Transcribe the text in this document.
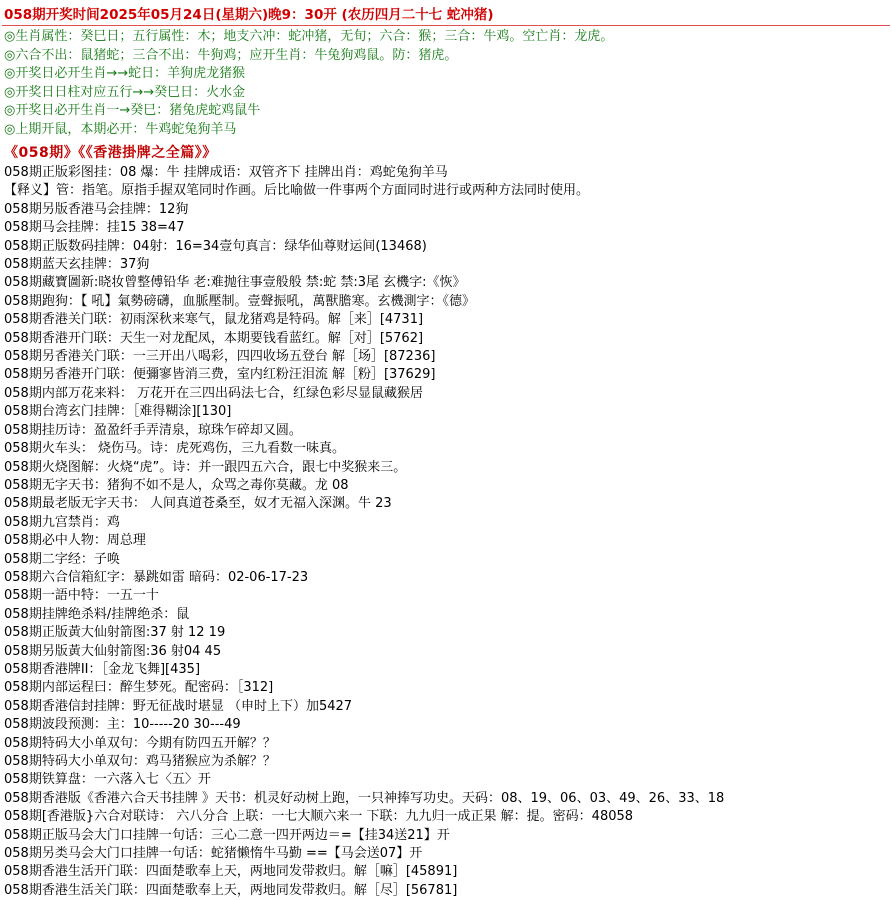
058期开奖时间2025年05月24日(星期六)晚9：30开 (农历四月二十七 蛇冲猪)
◎生肖属性：癸巳日；五行属性：木；地支六冲：蛇冲猪，无旬；六合：猴；三合：牛鸡。空亡肖：龙虎。
◎六合不出：鼠猪蛇；三合不出：牛狗鸡；应开生肖：牛兔狗鸡鼠。防：猪虎。
◎开奖日必开生肖→→蛇日：羊狗虎龙猪猴
◎开奖日日柱对应五行→→癸巳日：火水金
◎开奖日必开生肖一→癸巳：猪兔虎蛇鸡鼠牛
◎上期开鼠，本期必开：牛鸡蛇兔狗羊马
《058期》《《香港掛牌之全篇》》
058期正版彩图挂：08 爆：牛 挂牌成语：双管齐下 挂牌出肖：鸡蛇兔狗羊马
【释义】管：指笔。原指手握双笔同时作画。后比喻做一件事两个方面同时进行或两种方法同时使用。
058期另版香港马会挂牌：12狗
058期马会挂牌：挂15 38=47
058期正版数码挂牌：04射：16=34壹句真言：绿华仙尊财运间(13468)
058期蓝天玄挂牌：37狗
058期藏寶圖新:晓妆曾整傅铅华 老:难抛往事壹般般 禁:蛇 禁:3尾 玄機字:《恢》
058期跑狗：【 吼】氣勢磅礴，血脈壓制。壹聲振吼，萬獸膽寒。玄機測字：《德》
058期香港关门联：初雨深秋来寒气，鼠龙猪鸡是特码。解［来］[4731]
058期香港开门联：天生一对龙配凤，本期要钱看蓝红。解［对］[5762]
058期另香港关门联：一三开出八喝彩，四四收场五登台 解［场］[87236]
058期另香港开门联：便彌寥皆消三费，室内红粉汪泪流 解［粉］[37629]
058期内部万花来料： 万花开在三四出码法七合，红绿色彩尽显鼠藏猴居
058期台湾玄门挂牌：［难得糊涂][130]
058期挂历诗：盈盈纤手弄清泉，琼珠乍碎却又圆。
058期火车头： 烧伤马。诗：虎死鸡伤，三九看数一味真。
058期火烧图解：火烧“虎”。诗：并一跟四五六合，跟七中奖猴来三。
058期无字天书：猪狗不如不是人，众骂之毒你莫藏。龙 08
058期最老版无字天书： 人间真道苍桑至，奴才无福入深渊。牛 23
058期九宫禁肖：鸡
058期必中人物：周总理
058期二字经：子唤
058期六合信箱紅字：暴跳如雷 暗码：02-06-17-23
058期一語中特：一五一十
058期挂牌绝杀料/挂牌绝杀：鼠
058期正版黃大仙射箭图:37 射 12 19
058期另版黃大仙射箭图:36 射04 45
058期香港牌II：［金龙飞舞][435]
058期内部运程曰：醉生梦死。配密码：［312]
058期香港信封挂牌：野无征战时堪显 （申时上下）加5427
058期波段预测：主：10-----20 30---49
058期特码大小单双句：今期有防四五开解？？
058期特码大小单双句：鸡马猪猴应为杀解？？
058期铁算盘：一六落入七〈五〉开
058期香港版《香港六合天书挂牌 》天书：机灵好动树上跑，一只神捧写功史。天码：08、19、06、03、49、26、33、18
058期[香港版}六合对联诗： 六八分合 上联：一七大顺六来一 下联：九九归一成正果 解：提。密码：48058
058期正版马会大门口挂牌一句话：三心二意一四开两边＝=【挂34送21】开
058期另类马会大门口挂牌一句话：蛇猪懒惰牛马勤 ==【马会送07】开
058期香港生活开门联：四面楚歌奉上天，两地同发带救归。解［嘛］[45891]
058期香港生活关门联：四面楚歌奉上天，两地同发带救归。解［尽］[56781]
